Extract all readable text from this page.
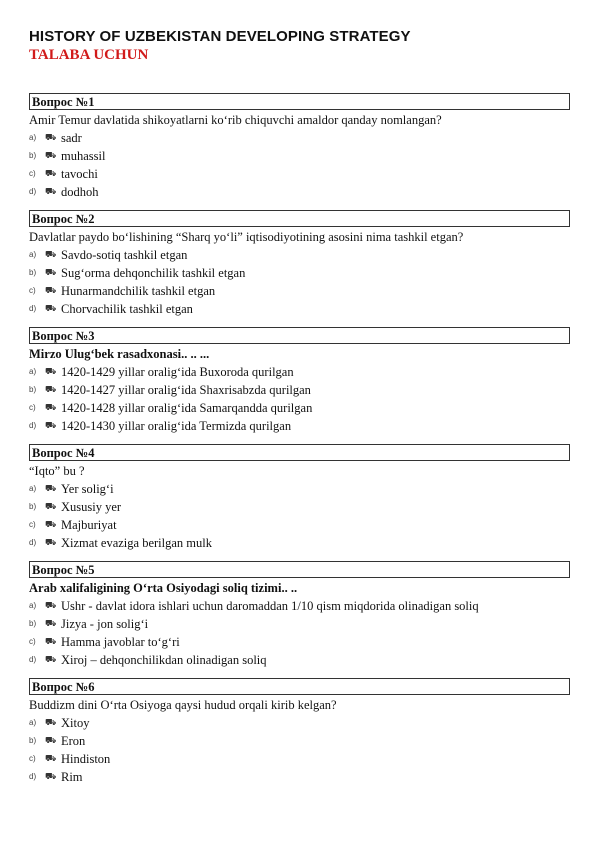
HISTORY OF UZBEKISTAN DEVELOPING STRATEGY
TALABA UCHUN
Вопрос №1
Amir Temur davlatida shikoyatlarni ko‘rib chiquvchi amaldor qanday nomlangan?
a) ⛟ sadr
b) ⛟ muhassil
c)	⛟ tavochi
d) ⛟ dodhoh
Вопрос №2
Davlatlar paydo bo‘lishining “Sharq yo‘li” iqtisodiyotining asosini nima tashkil etgan?
a) ⛟ Savdo-sotiq tashkil etgan
b) ⛟ Sug‘orma dehqonchilik tashkil etgan
c)	⛟ Hunarmandchilik tashkil etgan
d) ⛟ Chorvachilik tashkil etgan
Вопрос №3
Mirzo Ulug‘bek rasadxonasi.. .. ...
a) ⛟ 1420-1429 yillar oralig‘ida Buxoroda qurilgan
b) ⛟ 1420-1427 yillar oralig‘ida Shaxrisabzda qurilgan
c)	⛟ 1420-1428 yillar oralig‘ida Samarqandda qurilgan
d) ⛟ 1420-1430 yillar oralig‘ida Termizda qurilgan
Вопрос №4
“Iqto” bu ?
a) ⛟ Yer solig‘i
b) ⛟ Xususiy yer
c)	⛟ Majburiyat
d) ⛟ Xizmat evaziga berilgan mulk
Вопрос №5
Arab xalifaligining O‘rta Osiyodagi soliq tizimi.. ..
a) ⛟ Ushr - davlat idora ishlari uchun daromaddan 1/10 qism miqdorida olinadigan soliq
b) ⛟ Jizya - jon solig‘i
c)	⛟ Hamma javoblar to‘g‘ri
d) ⛟ Xiroj – dehqonchilikdan olinadigan soliq
Вопрос №6
Buddizm dini O‘rta Osiyoga qaysi hudud orqali kirib kelgan?
a) ⛟ Xitoy
b) ⛟ Eron
c)	⛟ Hindiston
d) ⛟ Rim
